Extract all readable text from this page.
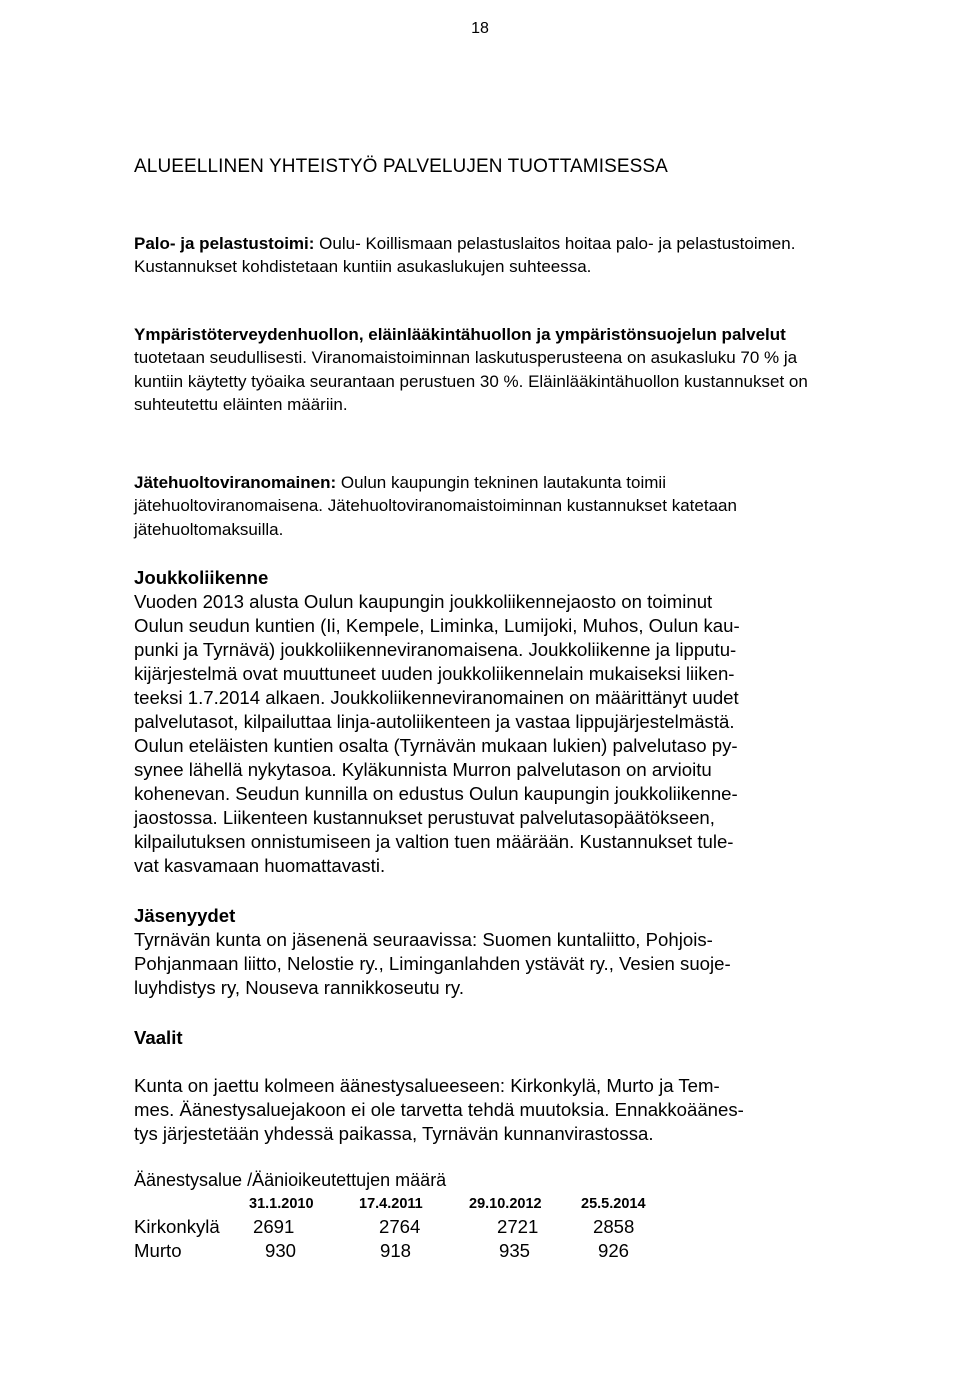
18
ALUEELLINEN YHTEISTYÖ PALVELUJEN TUOTTAMISESSA
Palo- ja pelastustoimi: Oulu- Koillismaan pelastuslaitos hoitaa palo- ja pelastustoimen. Kustannukset kohdistetaan kuntiin asukaslukujen suhteessa.
Ympäristöterveydenhuollon, eläinlääkintähuollon ja ympäristönsuojelun palvelut tuotetaan seudullisesti. Viranomaistoiminnan laskutusperusteena on asukasluku 70 % ja kuntiin käytetty työaika seurantaan perustuen 30 %. Eläinlääkintähuollon kustannukset on suhteutettu eläinten määriin.
Jätehuoltoviranomainen: Oulun kaupungin tekninen lautakunta toimii jätehuoltoviranomaisena. Jätehuoltoviranomaistoiminnan kustannukset katetaan jätehuoltomaksuilla.
Joukkoliikenne
Vuoden 2013 alusta Oulun kaupungin joukkoliikennejaosto on toiminut
Oulun seudun kuntien (Ii, Kempele, Liminka, Lumijoki, Muhos, Oulun kau-
punki ja Tyrnävä) joukkoliikenneviranomaisena. Joukkoliikenne ja lipputu-
kijärjestelmä ovat muuttuneet uuden joukkoliikennelain mukaiseksi liiken-
teeksi 1.7.2014 alkaen. Joukkoliikenneviranomainen on määrittänyt uudet
palvelutasot, kilpailuttaa linja-autoliikenteen ja vastaa lippujärjestelmästä.
Oulun eteläisten kuntien osalta (Tyrnävän mukaan lukien) palvelutaso py-
synee lähellä nykytasoa. Kyläkunnista Murron palvelutason on arvioitu
kohenevan. Seudun kunnilla on edustus Oulun kaupungin joukkoliikenne-
jaostossa. Liikenteen kustannukset perustuvat palvelutasopäätökseen,
kilpailutuksen onnistumiseen ja valtion tuen määrään. Kustannukset tule-
vat kasvamaan huomattavasti.
Jäsenyydet
Tyrnävän kunta on jäsenenä seuraavissa: Suomen kuntaliitto, Pohjois-
Pohjanmaan liitto, Nelostie ry., Liminganlahden ystävät ry., Vesien suoje-
luyhdistys ry, Nouseva rannikkoseutu ry.
Vaalit
Kunta on jaettu kolmeen äänestysalueeseen: Kirkonkylä, Murto ja Tem-
mes. Äänestysaluejakoon ei ole tarvetta tehdä muutoksia. Ennakkoäänes-
tys järjestetään yhdessä paikassa, Tyrnävän kunnanvirastossa.
Äänestysalue /Äänioikeutettujen määrä
	31.1.2010	17.4.2011	29.10.2012	25.5.2014
Kirkonkylä	2691	2764	2721	2858
Murto	930	918	935	926
